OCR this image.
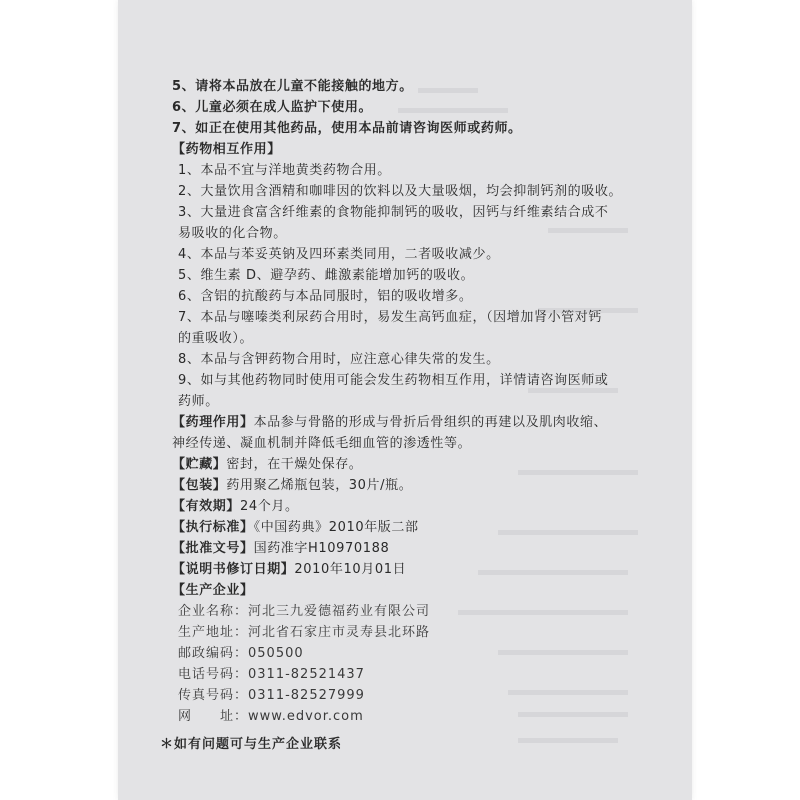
5、请将本品放在儿童不能接触的地方。
6、儿童必须在成人监护下使用。
7、如正在使用其他药品，使用本品前请咨询医师或药师。
【药物相互作用】
1、本品不宜与洋地黄类药物合用。
2、大量饮用含酒精和咖啡因的饮料以及大量吸烟，均会抑制钙剂的吸收。
3、大量进食富含纤维素的食物能抑制钙的吸收，因钙与纤维素结合成不
易吸收的化合物。
4、本品与苯妥英钠及四环素类同用，二者吸收减少。
5、维生素 D、避孕药、雌激素能增加钙的吸收。
6、含铝的抗酸药与本品同服时，铝的吸收增多。
7、本品与噻嗪类利尿药合用时，易发生高钙血症，（因增加肾小管对钙
的重吸收）。
8、本品与含钾药物合用时，应注意心律失常的发生。
9、如与其他药物同时使用可能会发生药物相互作用，详情请咨询医师或
药师。
【药理作用】本品参与骨骼的形成与骨折后骨组织的再建以及肌肉收缩、
神经传递、凝血机制并降低毛细血管的渗透性等。
【贮藏】密封，在干燥处保存。
【包装】药用聚乙烯瓶包装，30片/瓶。
【有效期】24个月。
【执行标准】《中国药典》2010年版二部
【批准文号】国药准字H10970188
【说明书修订日期】2010年10月01日
【生产企业】
企业名称：河北三九爱德福药业有限公司
生产地址：河北省石家庄市灵寿县北环路
邮政编码：050500
电话号码：0311-82521437
传真号码：0311-82527999
网　　址：www.edvor.com
＊如有问题可与生产企业联系
